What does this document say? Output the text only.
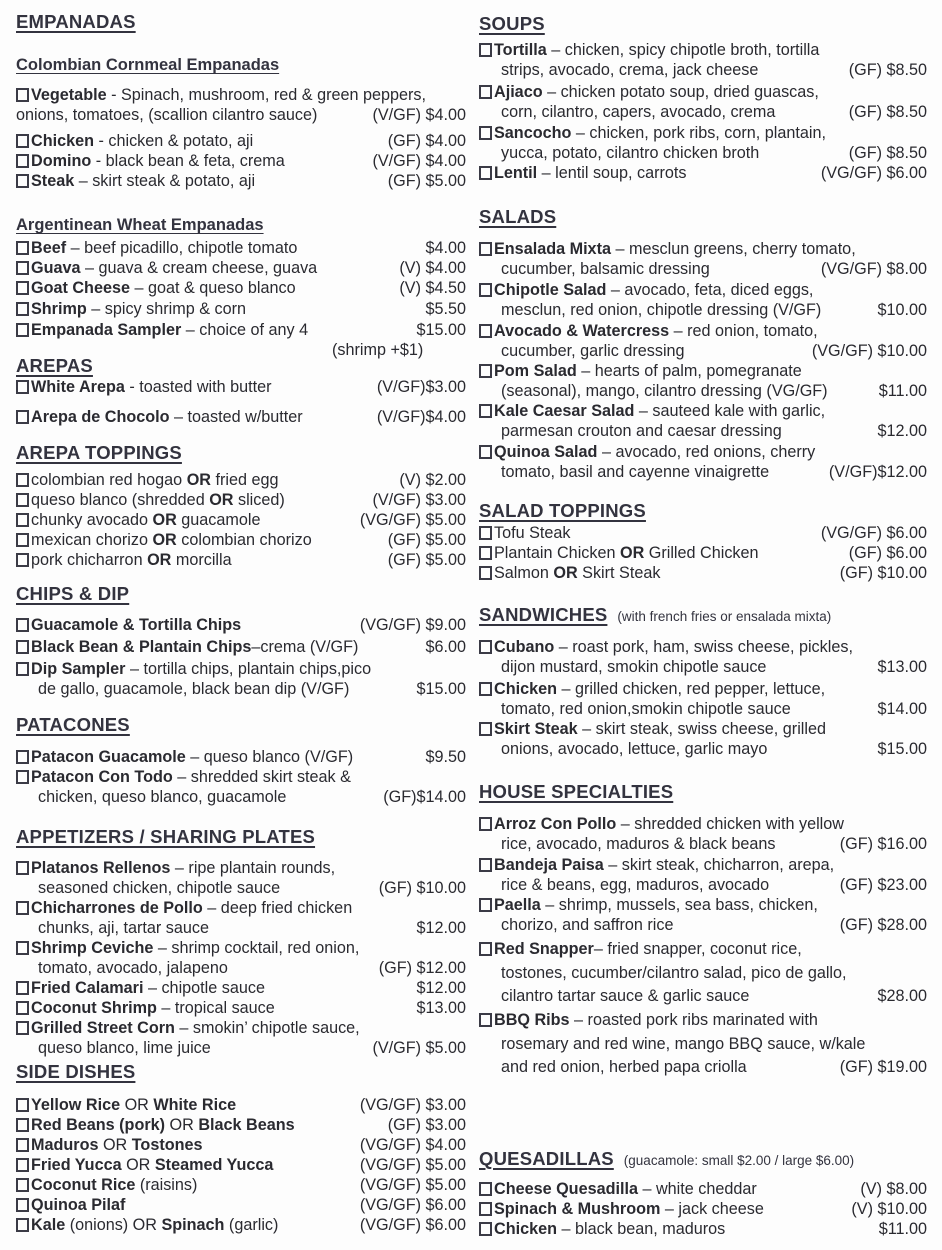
EMPANADAS
Colombian Cornmeal Empanadas
Vegetable - Spinach, mushroom, red & green peppers,
onions, tomatoes, (scallion cilantro sauce)	(V/GF) $4.00
Chicken - chicken & potato, aji	(GF) $4.00
Domino - black bean & feta, crema	(V/GF) $4.00
Steak – skirt steak & potato, aji	(GF) $5.00
Argentinean Wheat Empanadas
Beef – beef picadillo, chipotle tomato	$4.00
Guava – guava & cream cheese, guava	(V) $4.00
Goat Cheese – goat & queso blanco	(V) $4.50
Shrimp – spicy shrimp & corn	$5.50
Empanada Sampler – choice of any 4	$15.00
(shrimp +$1)
AREPAS
White Arepa - toasted with butter	(V/GF)$3.00
Arepa de Chocolo – toasted w/butter	(V/GF)$4.00
AREPA TOPPINGS
colombian red hogao OR fried egg	(V) $2.00
queso blanco (shredded OR sliced)	(V/GF) $3.00
chunky avocado OR guacamole	(VG/GF) $5.00
mexican chorizo OR colombian chorizo	(GF) $5.00
pork chicharron OR morcilla	(GF) $5.00
CHIPS & DIP
Guacamole & Tortilla Chips	(VG/GF) $9.00
Black Bean & Plantain Chips–crema (V/GF)	$6.00
Dip Sampler – tortilla chips, plantain chips,pico
de gallo, guacamole, black bean dip (V/GF)	$15.00
PATACONES
Patacon Guacamole – queso blanco (V/GF)	$9.50
Patacon Con Todo – shredded skirt steak &
chicken, queso blanco, guacamole	(GF)$14.00
APPETIZERS / SHARING PLATES
Platanos Rellenos – ripe plantain rounds,
seasoned chicken, chipotle sauce	(GF) $10.00
Chicharrones de Pollo – deep fried chicken
chunks, aji, tartar sauce	$12.00
Shrimp Ceviche – shrimp cocktail, red onion,
tomato, avocado, jalapeno	(GF) $12.00
Fried Calamari – chipotle sauce	$12.00
Coconut Shrimp – tropical sauce	$13.00
Grilled Street Corn – smokin’ chipotle sauce,
queso blanco, lime juice	(V/GF) $5.00
SIDE DISHES
Yellow Rice OR White Rice	(VG/GF) $3.00
Red Beans (pork) OR Black Beans	(GF) $3.00
Maduros OR Tostones	(VG/GF) $4.00
Fried Yucca OR Steamed Yucca	(VG/GF) $5.00
Coconut Rice (raisins)	(VG/GF) $5.00
Quinoa Pilaf	(VG/GF) $6.00
Kale (onions) OR Spinach (garlic)	(VG/GF) $6.00
SOUPS
Tortilla – chicken, spicy chipotle broth, tortilla
strips, avocado, crema, jack cheese	(GF) $8.50
Ajiaco – chicken potato soup, dried guascas,
corn, cilantro, capers, avocado, crema	(GF) $8.50
Sancocho – chicken, pork ribs, corn, plantain,
yucca, potato, cilantro chicken broth	(GF) $8.50
Lentil – lentil soup, carrots	(VG/GF) $6.00
SALADS
Ensalada Mixta – mesclun greens, cherry tomato,
cucumber, balsamic dressing	(VG/GF) $8.00
Chipotle Salad – avocado, feta, diced eggs,
mesclun, red onion, chipotle dressing (V/GF)	$10.00
Avocado & Watercress – red onion, tomato,
cucumber, garlic dressing	(VG/GF) $10.00
Pom Salad – hearts of palm, pomegranate
(seasonal), mango, cilantro dressing (VG/GF)	$11.00
Kale Caesar Salad – sauteed kale with garlic,
parmesan crouton and caesar dressing	$12.00
Quinoa Salad – avocado, red onions, cherry
tomato, basil and cayenne vinaigrette	(V/GF)$12.00
SALAD TOPPINGS
Tofu Steak	(VG/GF) $6.00
Plantain Chicken OR Grilled Chicken	(GF) $6.00
Salmon OR Skirt Steak	(GF) $10.00
SANDWICHES (with french fries or ensalada mixta)
Cubano – roast pork, ham, swiss cheese, pickles,
dijon mustard, smokin chipotle sauce	$13.00
Chicken – grilled chicken, red pepper, lettuce,
tomato, red onion,smokin chipotle sauce	$14.00
Skirt Steak – skirt steak, swiss cheese, grilled
onions, avocado, lettuce, garlic mayo	$15.00
HOUSE SPECIALTIES
Arroz Con Pollo – shredded chicken with yellow
rice, avocado, maduros & black beans	(GF) $16.00
Bandeja Paisa – skirt steak, chicharron, arepa,
rice & beans, egg, maduros, avocado	(GF) $23.00
Paella – shrimp, mussels, sea bass, chicken,
chorizo, and saffron rice	(GF) $28.00
Red Snapper– fried snapper, coconut rice,
tostones, cucumber/cilantro salad, pico de gallo,
cilantro tartar sauce & garlic sauce	$28.00
BBQ Ribs – roasted pork ribs marinated with
rosemary and red wine, mango BBQ sauce, w/kale
and red onion, herbed papa criolla	(GF) $19.00
QUESADILLAS (guacamole: small $2.00 / large $6.00)
Cheese Quesadilla – white cheddar	(V) $8.00
Spinach & Mushroom – jack cheese	(V) $10.00
Chicken – black bean, maduros	$11.00
